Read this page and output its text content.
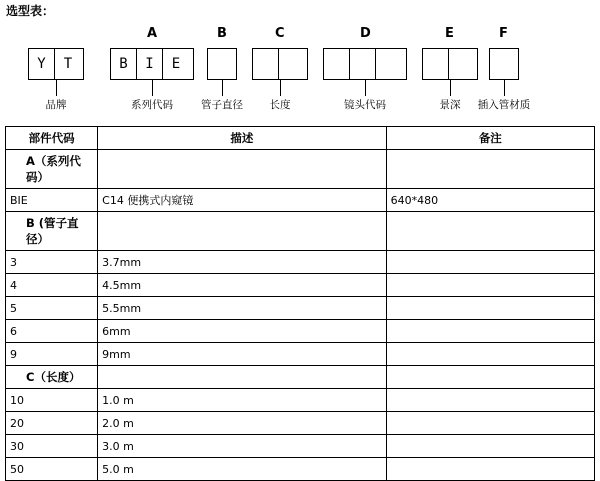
选型表：
Y	T
品牌
A
B	I	E
系列代码
B
管子直径
C
长度
D
镜头代码
E
景深
F
插入管材质
部件代码	描述	备注
A（系列代码）		
BIE	C14 便携式内窥镜	640*480
B (管子直径）		
3	3.7mm	
4	4.5mm	
5	5.5mm	
6	6mm	
9	9mm	
C（长度）		
10	1.0 m	
20	2.0 m	
30	3.0 m	
50	5.0 m	
